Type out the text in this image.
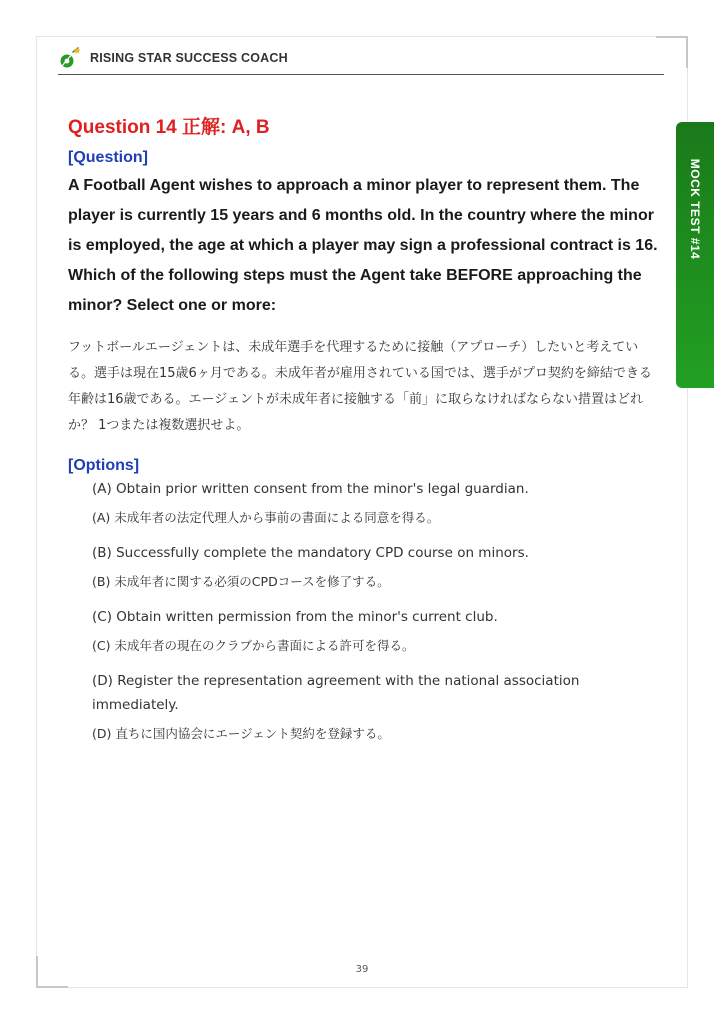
RISING STAR SUCCESS COACH
MOCK TEST #14
Question 14 正解: A, B
[Question]
A Football Agent wishes to approach a minor player to represent them. The player is currently 15 years and 6 months old. In the country where the minor is employed, the age at which a player may sign a professional contract is 16. Which of the following steps must the Agent take BEFORE approaching the minor? Select one or more:
フットボールエージェントは、未成年選手を代理するために接触（アプローチ）したいと考えている。選手は現在15歳6ヶ月である。未成年者が雇用されている国では、選手がプロ契約を締結できる年齢は16歳である。エージェントが未成年者に接触する「前」に取らなければならない措置はどれか？ 1つまたは複数選択せよ。
[Options]
(A) Obtain prior written consent from the minor's legal guardian.
(A) 未成年者の法定代理人から事前の書面による同意を得る。
(B) Successfully complete the mandatory CPD course on minors.
(B) 未成年者に関する必須のCPDコースを修了する。
(C) Obtain written permission from the minor's current club.
(C) 未成年者の現在のクラブから書面による許可を得る。
(D) Register the representation agreement with the national association immediately.
(D) 直ちに国内協会にエージェント契約を登録する。
39
